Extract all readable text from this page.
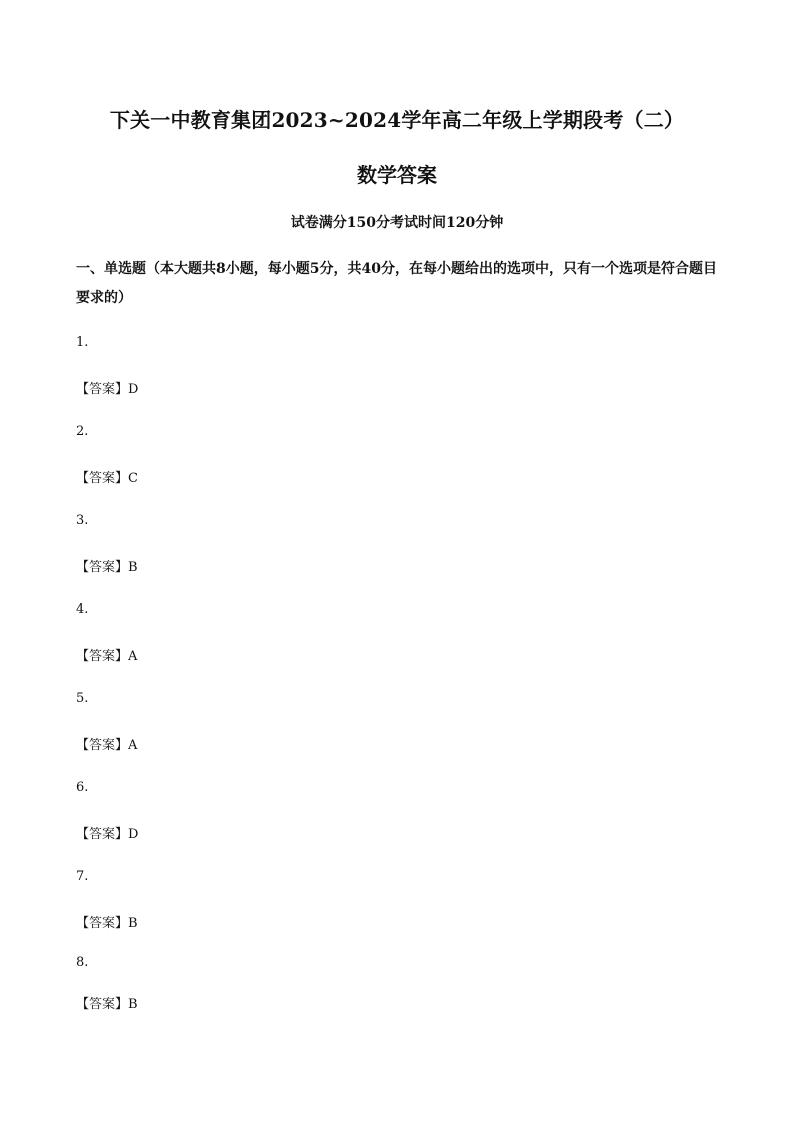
下关一中教育集团2023~2024学年高二年级上学期段考（二）
数学答案
试卷满分150分考试时间120分钟
一、单选题（本大题共8小题，每小题5分，共40分，在每小题给出的选项中，只有一个选项是符合题目要求的）
1.
【答案】D
2.
【答案】C
3.
【答案】B
4.
【答案】A
5.
【答案】A
6.
【答案】D
7.
【答案】B
8.
【答案】B
